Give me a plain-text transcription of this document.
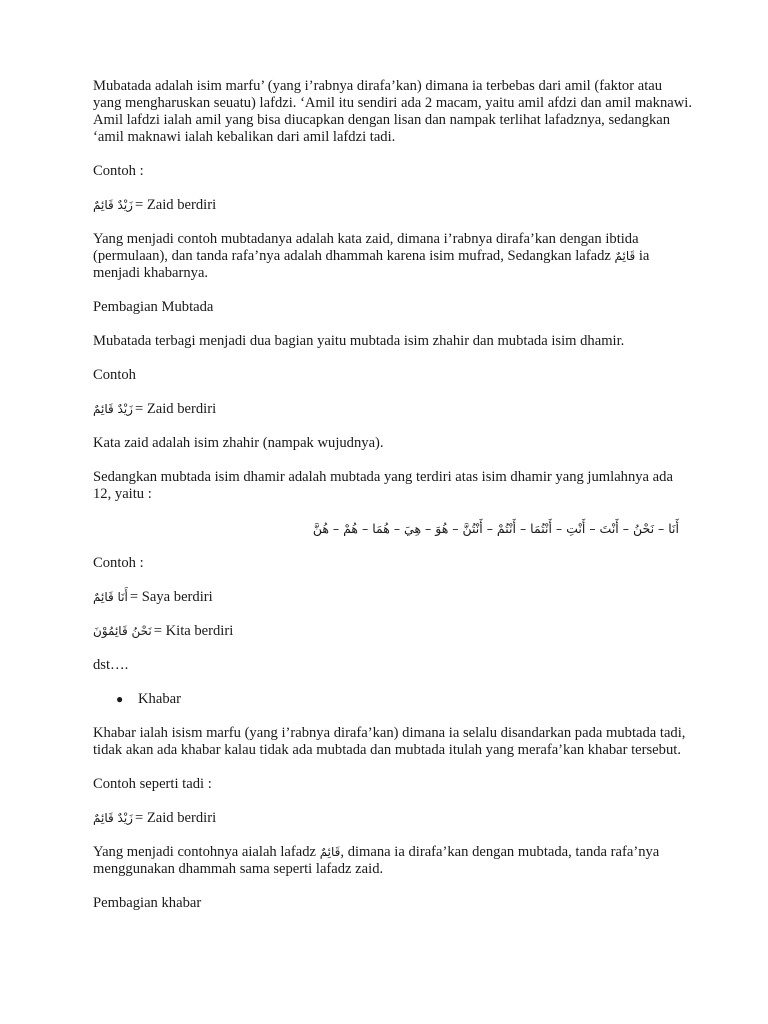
Mubatada adalah isim marfu’ (yang i’rabnya dirafa’kan) dimana ia terbebas dari amil (faktor atau yang mengharuskan seuatu) lafdzi. ‘Amil itu sendiri ada 2 macam, yaitu amil afdzi dan amil maknawi. Amil lafdzi ialah amil yang bisa diucapkan dengan lisan dan nampak terlihat lafadznya, sedangkan ‘amil maknawi ialah kebalikan dari amil lafdzi tadi.

Contoh :

زَيْدٌ قَائِمٌ = Zaid berdiri

Yang menjadi contoh mubtadanya adalah kata zaid, dimana i’rabnya dirafa’kan dengan ibtida (permulaan), dan tanda rafa’nya adalah dhammah karena isim mufrad, Sedangkan lafadz قَائِمٌ ia menjadi khabarnya.

Pembagian Mubtada

Mubatada terbagi menjadi dua bagian yaitu mubtada isim zhahir dan mubtada isim dhamir.

Contoh

زَيْدٌ قَائِمٌ = Zaid berdiri

Kata zaid adalah isim zhahir (nampak wujudnya).

Sedangkan mubtada isim dhamir adalah mubtada yang terdiri atas isim dhamir yang jumlahnya ada 12, yaitu :

أَنَا – نَحْنُ – أَنْتَ – أَنْتِ – أَنْتُمَا – أَنْتُمْ – أَنْتُنَّ – هُوَ – هِيَ – هُمَا – هُمْ – هُنَّ

Contoh :

أَنَا قَائِمٌ = Saya berdiri
نَحْنُ قَائِمُوْنَ = Kita berdiri

dst….

●	Khabar

Khabar ialah isism marfu (yang i’rabnya dirafa’kan) dimana ia selalu disandarkan pada mubtada tadi, tidak akan ada khabar kalau tidak ada mubtada dan mubtada itulah yang merafa’kan khabar tersebut.

Contoh seperti tadi :

زَيْدٌ قَائِمٌ = Zaid berdiri

Yang menjadi contohnya aialah lafadz قَائِمٌ, dimana ia dirafa’kan dengan mubtada, tanda rafa’nya menggunakan dhammah sama seperti lafadz zaid.

Pembagian khabar
